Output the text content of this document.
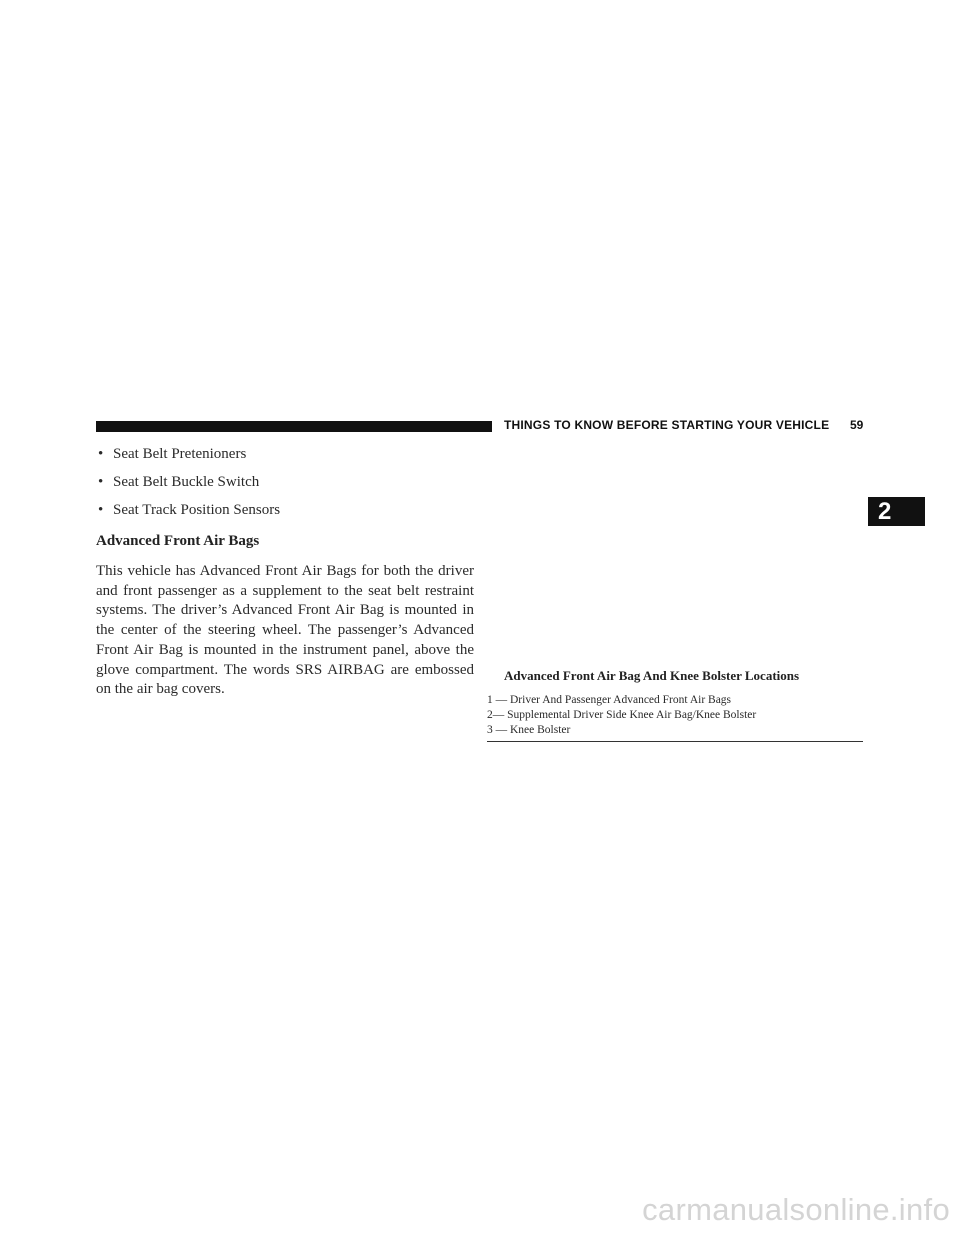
THINGS TO KNOW BEFORE STARTING YOUR VEHICLE 59
2
• Seat Belt Pretenioners
• Seat Belt Buckle Switch
• Seat Track Position Sensors
Advanced Front Air Bags

This vehicle has Advanced Front Air Bags for both the driver and front passenger as a supplement to the seat belt restraint systems. The driver’s Advanced Front Air Bag is mounted in the center of the steering wheel. The passenger’s Advanced Front Air Bag is mounted in the instrument panel, above the glove compartment. The words SRS AIRBAG are embossed on the air bag covers.

Advanced Front Air Bag And Knee Bolster Locations
1 — Driver And Passenger Advanced Front Air Bags
2— Supplemental Driver Side Knee Air Bag/Knee Bolster
3 — Knee Bolster
carmanualsonline.info
